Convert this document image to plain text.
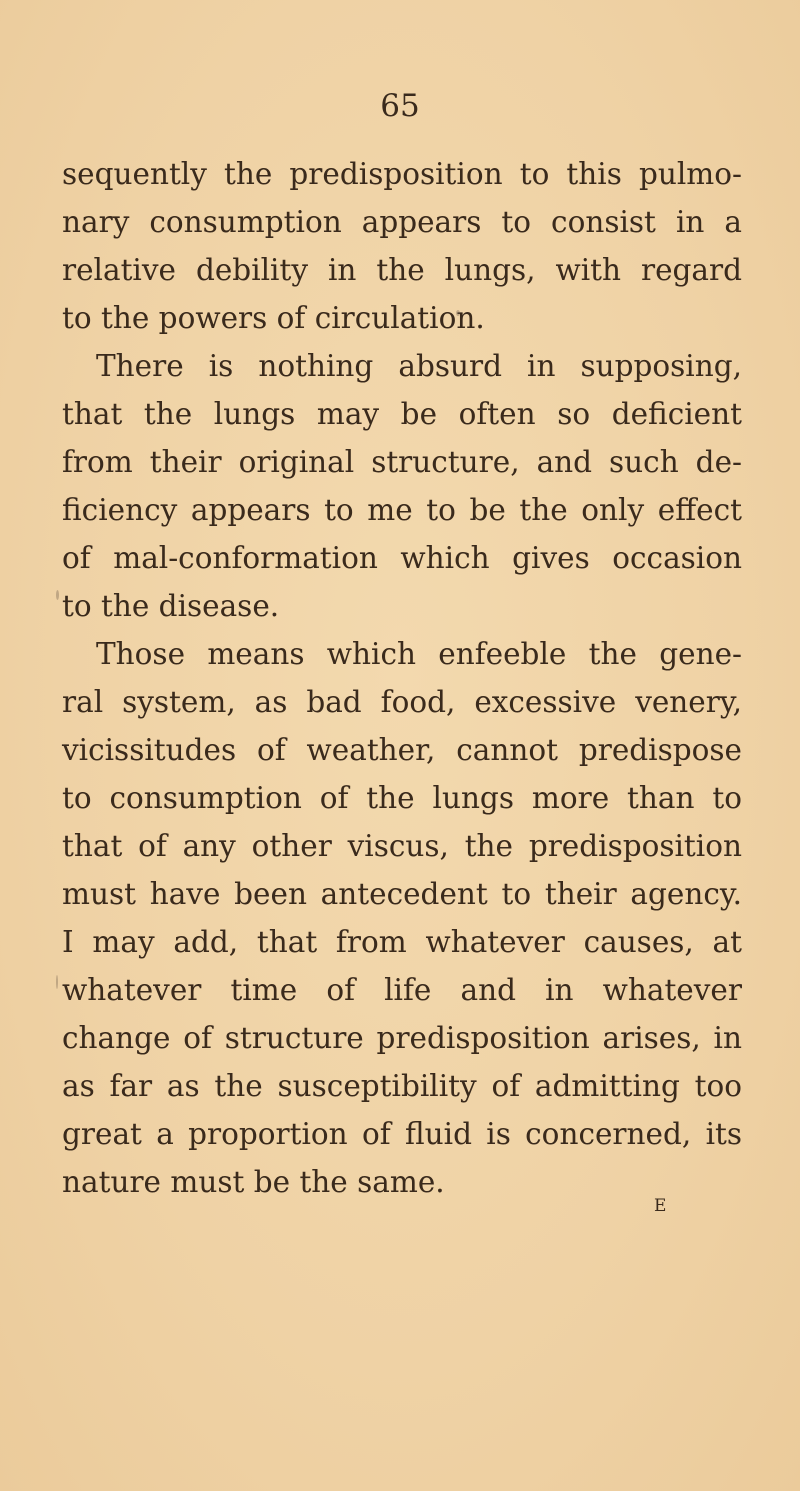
65
sequently the predisposition to this pulmo-
nary consumption appears to consist in a
relative debility in the lungs, with regard
to the powers of circulation.
There is nothing absurd in supposing,
that the lungs may be often so deficient
from their original structure, and such de-
ficiency appears to me to be the only effect
of mal-conformation which gives occasion
to the disease.
Those means which enfeeble the gene-
ral system, as bad food, excessive venery,
vicissitudes of weather, cannot predispose
to consumption of the lungs more than to
that of any other viscus, the predisposition
must have been antecedent to their agency.
I may add, that from whatever causes, at
whatever time of life and in whatever
change of structure predisposition arises, in
as far as the susceptibility of admitting too
great a proportion of fluid is concerned, its
nature must be the same.
E
